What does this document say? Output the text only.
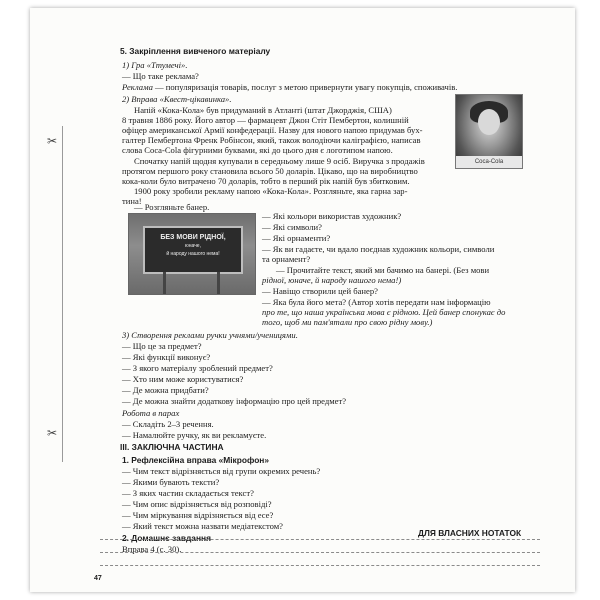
✂
✂
5. Закріплення вивченого матеріалу
1) Гра «Ттумечі».
— Що таке реклама?
Реклама — популяризація товарів, послуг з метою привернути увагу покупців, споживачів.
2) Вправа «Квест-цікавинка».
Напій «Кока-Кола» був придуманий в Атланті (штат Джорджія, США)
8 травня 1886 року. Його автор — фармацевт Джон Стіт Пембертон, колишній
офіцер американської Армії конфедерації. Назву для нового напою придумав бух-
галтер Пембертона Френк Робінсон, який, також володіючи каліграфією, написав
слова Coca-Cola фігурними буквами, які до цього дня є логотипом напою.
Спочатку напій щодня купували в середньому лише 9 осіб. Виручка з продажів
протягом першого року становила всього 50 доларів. Цікаво, що на виробництво
кока-коли було витрачено 70 доларів, тобто в перший рік напій був збитковим.
1900 року зробили рекламу напою «Кока-Кола». Розгляньте, яка гарна зар-
тина!
Coca-Cola
— Розгляньте банер.
БЕЗ МОВИ РІДНОЇ,
юначе,
й народу нашого нема!
— Які кольори використав художник?
— Які символи?
— Які орнаменти?
— Як ви гадаєте, чи вдало поєднав художник кольори, символи
та орнамент?
— Прочитайте текст, який ми бачимо на банері. (Без мови
рідної, юначе, й народу нашого нема!)
— Навіщо створили цей банер?
— Яка була його мета? (Автор хотів передати нам інформацію
про те, що наша українська мова є рідною. Цей банер спонукає до
того, щоб ми пам'ятали про свою рідну мову.)
3) Створення реклами ручки учнями/ученицями.
— Що це за предмет?
— Які функції виконує?
— З якого матеріалу зроблений предмет?
— Хто ним може користуватися?
— Де можна придбати?
— Де можна знайти додаткову інформацію про цей предмет?
Робота в парах
— Складіть 2–3 речення.
— Намалюйте ручку, як ви рекламуєте.
III. ЗАКЛЮЧНА ЧАСТИНА
1. Рефлексійна вправа «Мікрофон»
— Чим текст відрізняється від групи окремих речень?
— Якими бувають тексти?
— З яких частин складається текст?
— Чим опис відрізняється від розповіді?
— Чим міркування відрізняється від есе?
— Який текст можна назвати медіатекстом?
2. Домашнє завдання
Вправа 4 (с. 30).
ДЛЯ ВЛАСНИХ НОТАТОК
47
